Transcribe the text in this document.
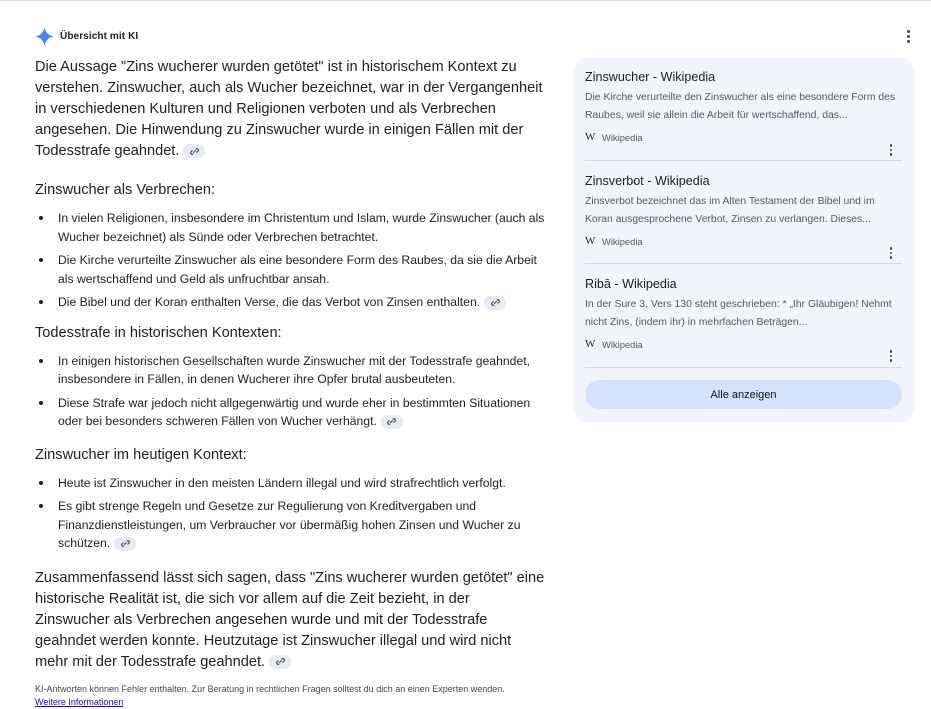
Übersicht mit KI

Die Aussage "Zins wucherer wurden getötet" ist in historischem Kontext zu verstehen. Zinswucher, auch als Wucher bezeichnet, war in der Vergangenheit in verschiedenen Kulturen und Religionen verboten und als Verbrechen angesehen. Die Hinwendung zu Zinswucher wurde in einigen Fällen mit der Todesstrafe geahndet.

Zinswucher als Verbrechen:

In vielen Religionen, insbesondere im Christentum und Islam, wurde Zinswucher (auch als Wucher bezeichnet) als Sünde oder Verbrechen betrachtet.
Die Kirche verurteilte Zinswucher als eine besondere Form des Raubes, da sie die Arbeit als wertschaffend und Geld als unfruchtbar ansah.
Die Bibel und der Koran enthalten Verse, die das Verbot von Zinsen enthalten.

Todesstrafe in historischen Kontexten:

In einigen historischen Gesellschaften wurde Zinswucher mit der Todesstrafe geahndet, insbesondere in Fällen, in denen Wucherer ihre Opfer brutal ausbeuteten.
Diese Strafe war jedoch nicht allgegenwärtig und wurde eher in bestimmten Situationen oder bei besonders schweren Fällen von Wucher verhängt.

Zinswucher im heutigen Kontext:

Heute ist Zinswucher in den meisten Ländern illegal und wird strafrechtlich verfolgt.
Es gibt strenge Regeln und Gesetze zur Regulierung von Kreditvergaben und Finanzdienstleistungen, um Verbraucher vor übermäßig hohen Zinsen und Wucher zu schützen.

Zusammenfassend lässt sich sagen, dass "Zins wucherer wurden getötet" eine historische Realität ist, die sich vor allem auf die Zeit bezieht, in der Zinswucher als Verbrechen angesehen wurde und mit der Todesstrafe geahndet werden konnte. Heutzutage ist Zinswucher illegal und wird nicht mehr mit der Todesstrafe geahndet.

KI-Antworten können Fehler enthalten. Zur Beratung in rechtlichen Fragen solltest du dich an einen Experten wenden.
Weitere Informationen
Zinswucher - Wikipedia
Die Kirche verurteilte den Zinswucher als eine besondere Form des Raubes, weil sie allein die Arbeit für wertschaffend, das...
W Wikipedia
Zinsverbot - Wikipedia
Zinsverbot bezeichnet das im Alten Testament der Bibel und im Koran ausgesprochene Verbot, Zinsen zu verlangen. Dieses...
W Wikipedia
Ribā - Wikipedia
In der Sure 3, Vers 130 steht geschrieben: * „Ihr Gläubigen! Nehmt nicht Zins, (indem ihr) in mehrfachen Beträgen...
W Wikipedia
Alle anzeigen
